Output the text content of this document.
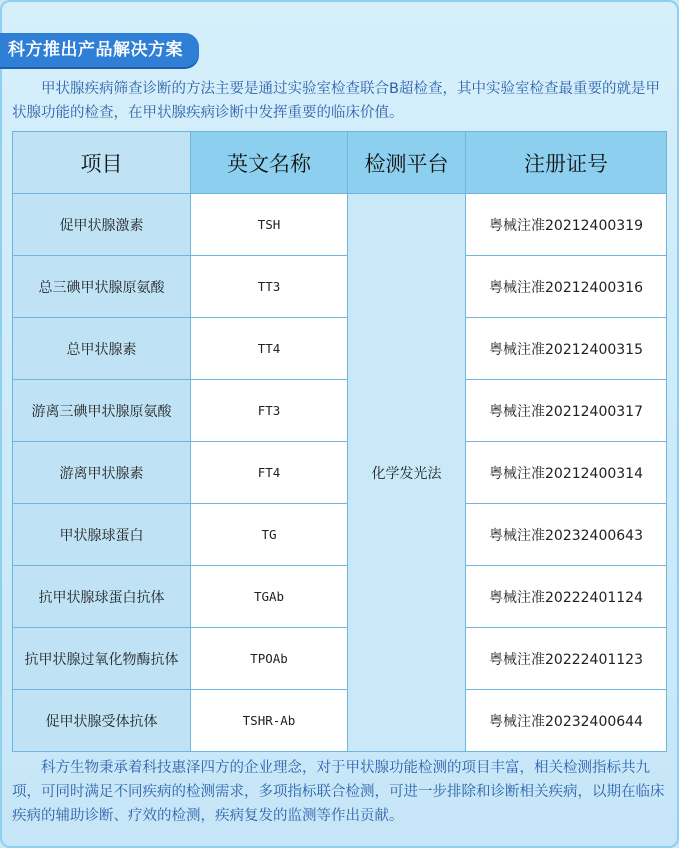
科方推出产品解决方案
甲状腺疾病筛查诊断的方法主要是通过实验室检查联合B超检查，其中实验室检查最重要的就是甲状腺功能的检查，在甲状腺疾病诊断中发挥重要的临床价值。
项目	英文名称	检测平台	注册证号
促甲状腺激素	TSH	化学发光法	粤械注准20212400319
总三碘甲状腺原氨酸	TT3		粤械注准20212400316
总甲状腺素	TT4		粤械注准20212400315
游离三碘甲状腺原氨酸	FT3		粤械注准20212400317
游离甲状腺素	FT4		粤械注准20212400314
甲状腺球蛋白	TG		粤械注准20232400643
抗甲状腺球蛋白抗体	TGAb		粤械注准20222401124
抗甲状腺过氧化物酶抗体	TPOAb		粤械注准20222401123
促甲状腺受体抗体	TSHR-Ab		粤械注准20232400644
科方生物秉承着科技惠泽四方的企业理念，对于甲状腺功能检测的项目丰富，相关检测指标共九项，可同时满足不同疾病的检测需求，多项指标联合检测，可进一步排除和诊断相关疾病，以期在临床疾病的辅助诊断、疗效的检测，疾病复发的监测等作出贡献。
